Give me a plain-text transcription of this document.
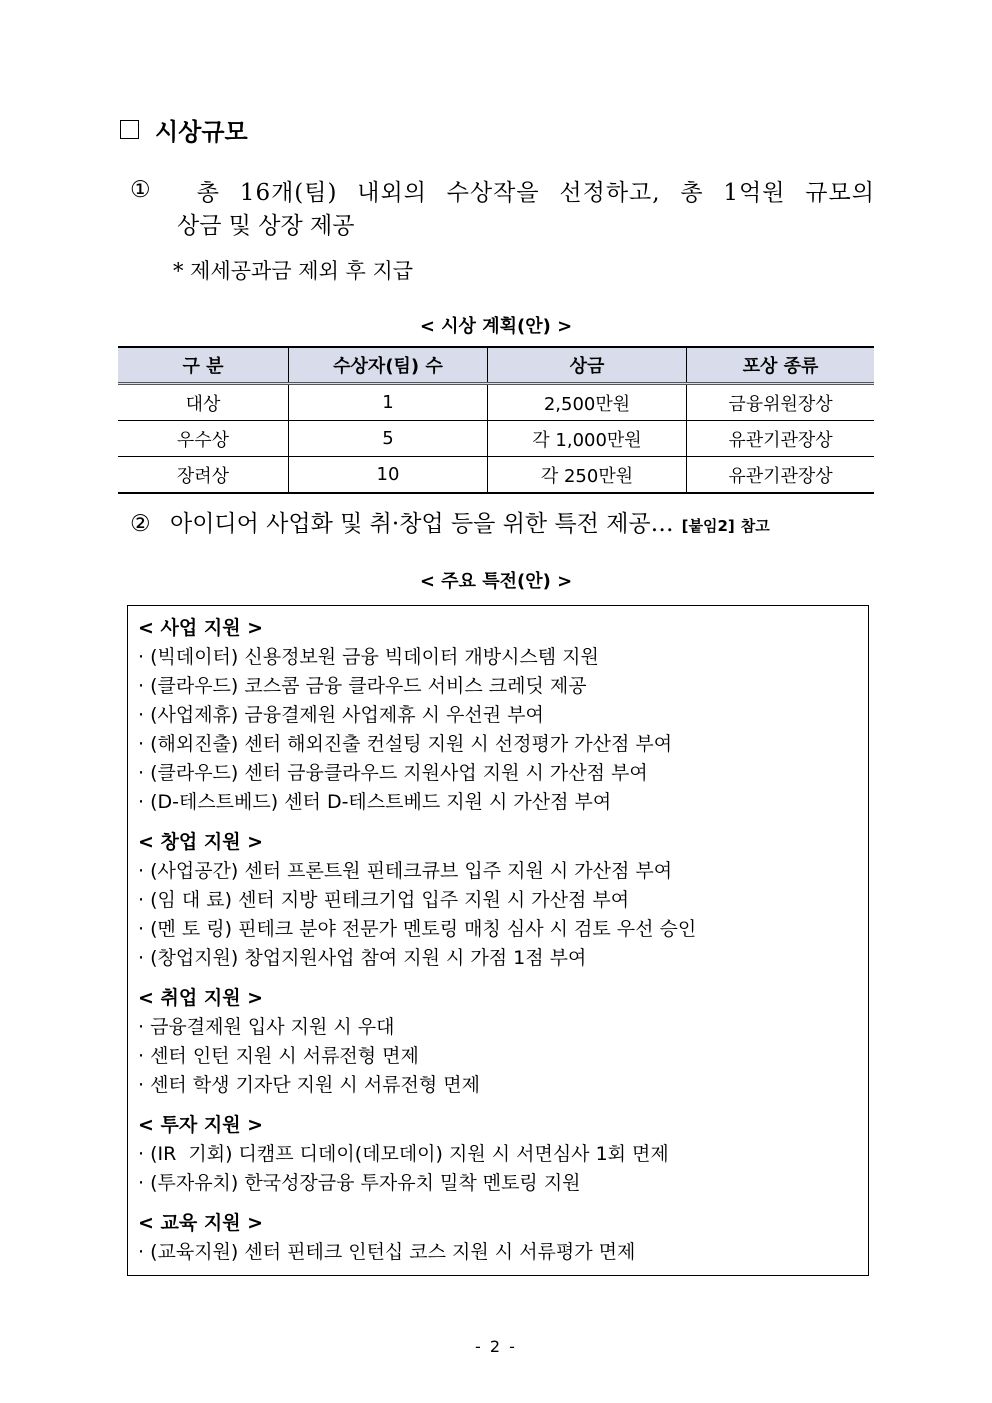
시상규모
①	총 16개(팀) 내외의 수상작을 선정하고, 총 1억원 규모의
상금 및 상장 제공
* 제세공과금 제외 후 지급
< 시상 계획(안) >
구 분	수상자(팀) 수	상금	포상 종류
대상	1	2,500만원	금융위원장상
우수상	5	각 1,000만원	유관기관장상
장려상	10	각 250만원	유관기관장상
② 아이디어 사업화 및 취·창업 등을 위한 특전 제공… [붙임2] 참고
< 주요 특전(안) >
< 사업 지원 >
· (빅데이터) 신용정보원 금융 빅데이터 개방시스템 지원
· (클라우드) 코스콤 금융 클라우드 서비스 크레딧 제공
· (사업제휴) 금융결제원 사업제휴 시 우선권 부여
· (해외진출) 센터 해외진출 컨설팅 지원 시 선정평가 가산점 부여
· (클라우드) 센터 금융클라우드 지원사업 지원 시 가산점 부여
· (D-테스트베드) 센터 D-테스트베드 지원 시 가산점 부여
< 창업 지원 >
· (사업공간) 센터 프론트원 핀테크큐브 입주 지원 시 가산점 부여
· (임 대 료) 센터 지방 핀테크기업 입주 지원 시 가산점 부여
· (멘 토 링) 핀테크 분야 전문가 멘토링 매칭 심사 시 검토 우선 승인
· (창업지원) 창업지원사업 참여 지원 시 가점 1점 부여
< 취업 지원 >
· 금융결제원 입사 지원 시 우대
· 센터 인턴 지원 시 서류전형 면제
· 센터 학생 기자단 지원 시 서류전형 면제
< 투자 지원 >
· (IR  기회) 디캠프 디데이(데모데이) 지원 시 서면심사 1회 면제
· (투자유치) 한국성장금융 투자유치 밀착 멘토링 지원
< 교육 지원 >
· (교육지원) 센터 핀테크 인턴십 코스 지원 시 서류평가 면제
- 2 -
